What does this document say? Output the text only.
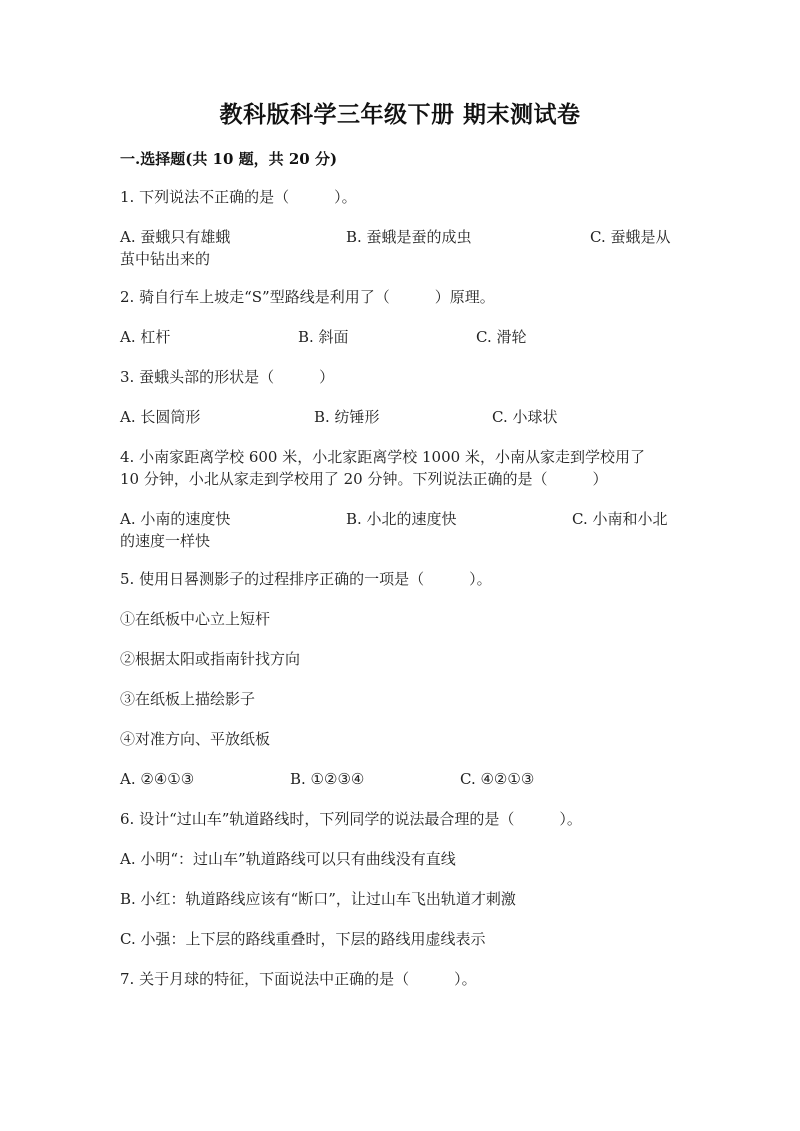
教科版科学三年级下册 期末测试卷
一.选择题(共 10 题，共 20 分)
1. 下列说法不正确的是（　　　）。
A. 蚕蛾只有雄蛾	B. 蚕蛾是蚕的成虫	C. 蚕蛾是从
茧中钻出来的
2. 骑自行车上坡走“S”型路线是利用了（　　　）原理。
A. 杠杆	B. 斜面	C. 滑轮
3. 蚕蛾头部的形状是（　　　）
A. 长圆筒形	B. 纺锤形	C. 小球状
4. 小南家距离学校 600 米，小北家距离学校 1000 米，小南从家走到学校用了
10 分钟，小北从家走到学校用了 20 分钟。下列说法正确的是（　　　）
A. 小南的速度快	B. 小北的速度快	C. 小南和小北
的速度一样快
5. 使用日晷测影子的过程排序正确的一项是（　　　）。
①在纸板中心立上短杆
②根据太阳或指南针找方向
③在纸板上描绘影子
④对准方向、平放纸板
A. ②④①③	B. ①②③④	C. ④②①③
6. 设计“过山车”轨道路线时，下列同学的说法最合理的是（　　　）。
A. 小明“：过山车”轨道路线可以只有曲线没有直线
B. 小红：轨道路线应该有“断口”，让过山车飞出轨道才刺激
C. 小强：上下层的路线重叠时，下层的路线用虚线表示
7. 关于月球的特征，下面说法中正确的是（　　　）。
